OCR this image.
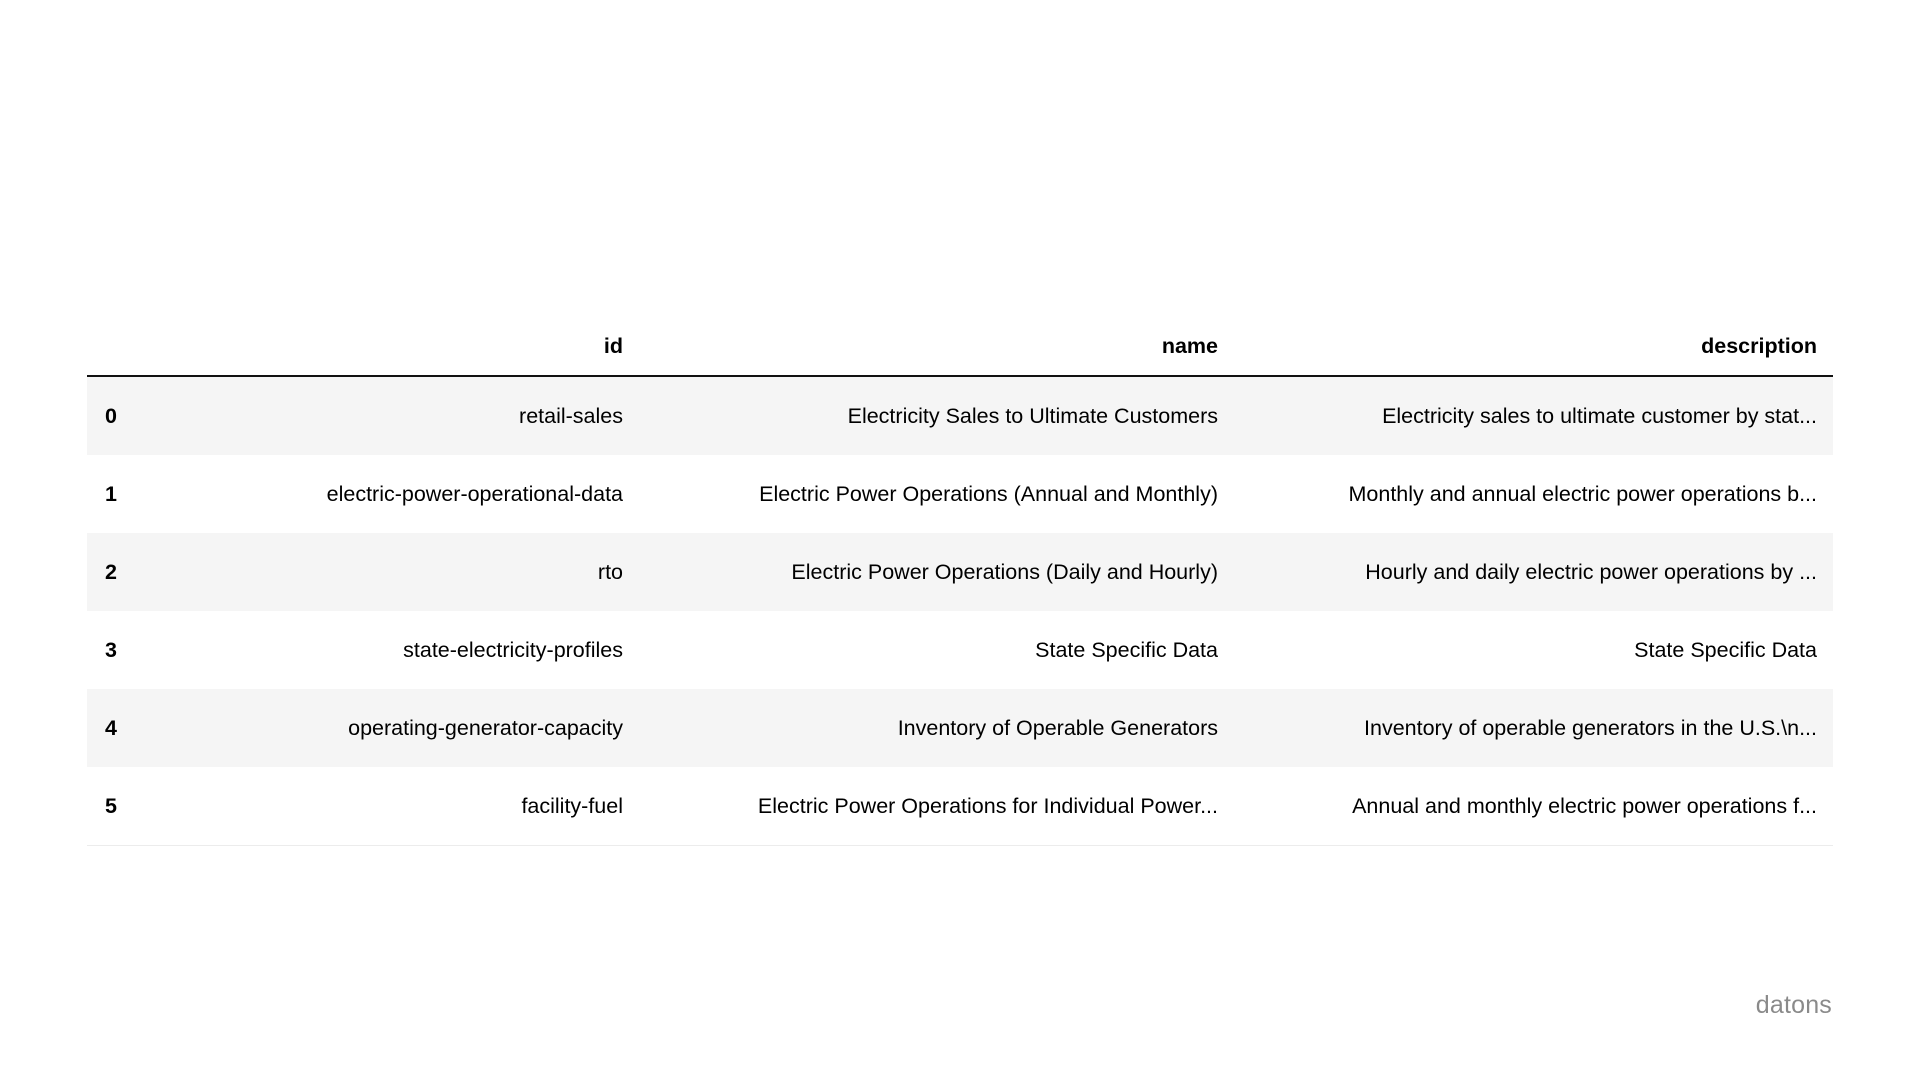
	id	name	description
0	retail-sales	Electricity Sales to Ultimate Customers	Electricity sales to ultimate customer by stat...
1	electric-power-operational-data	Electric Power Operations (Annual and Monthly)	Monthly and annual electric power operations b...
2	rto	Electric Power Operations (Daily and Hourly)	Hourly and daily electric power operations by ...
3	state-electricity-profiles	State Specific Data	State Specific Data
4	operating-generator-capacity	Inventory of Operable Generators	Inventory of operable generators in the U.S.\n...
5	facility-fuel	Electric Power Operations for Individual Power...	Annual and monthly electric power operations f...
datons
